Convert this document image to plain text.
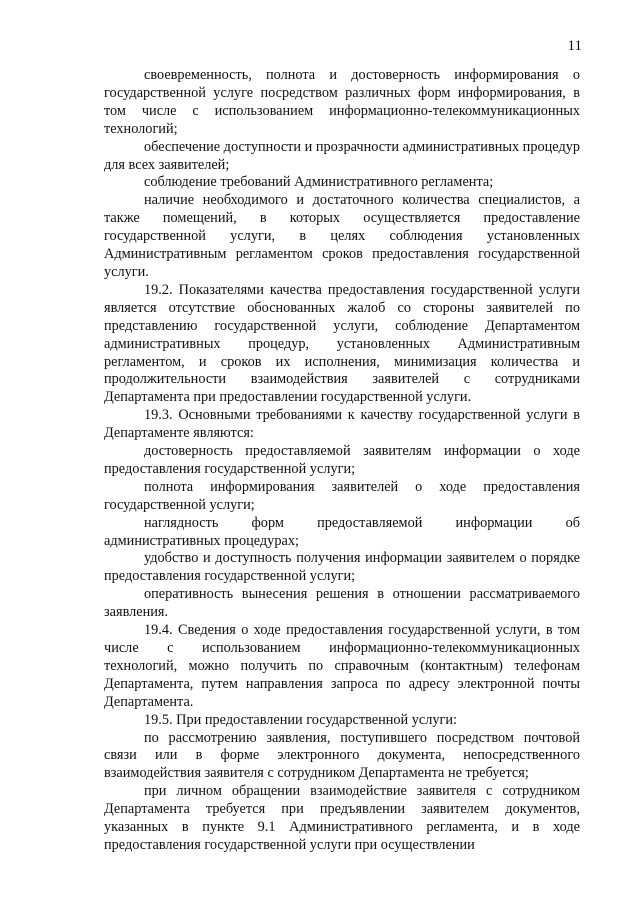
11

своевременность, полнота и достоверность информирования о государственной услуге посредством различных форм информирования, в том числе с использованием информационно-телекоммуникационных технологий;

обеспечение доступности и прозрачности административных процедур для всех заявителей;

соблюдение требований Административного регламента;

наличие необходимого и достаточного количества специалистов, а также помещений, в которых осуществляется предоставление государственной услуги, в целях соблюдения установленных Административным регламентом сроков предоставления государственной услуги.

19.2. Показателями качества предоставления государственной услуги является отсутствие обоснованных жалоб со стороны заявителей по представлению государственной услуги, соблюдение Департаментом административных процедур, установленных Административным регламентом, и сроков их исполнения, минимизация количества и продолжительности взаимодействия заявителей с сотрудниками Департамента при предоставлении государственной услуги.

19.3. Основными требованиями к качеству государственной услуги в Департаменте являются:

достоверность предоставляемой заявителям информации о ходе предоставления государственной услуги;

полнота информирования заявителей о ходе предоставления государственной услуги;

наглядность форм предоставляемой информации об административных процедурах;

удобство и доступность получения информации заявителем о порядке предоставления государственной услуги;

оперативность вынесения решения в отношении рассматриваемого заявления.

19.4. Сведения о ходе предоставления государственной услуги, в том числе с использованием информационно-телекоммуникационных технологий, можно получить по справочным (контактным) телефонам Департамента, путем направления запроса по адресу электронной почты Департамента.

19.5. При предоставлении государственной услуги:

по рассмотрению заявления, поступившего посредством почтовой связи или в форме электронного документа, непосредственного взаимодействия заявителя с сотрудником Департамента не требуется;

при личном обращении взаимодействие заявителя с сотрудником Департамента требуется при предъявлении заявителем документов, указанных в пункте 9.1 Административного регламента, и в ходе предоставления государственной услуги при осуществлении
